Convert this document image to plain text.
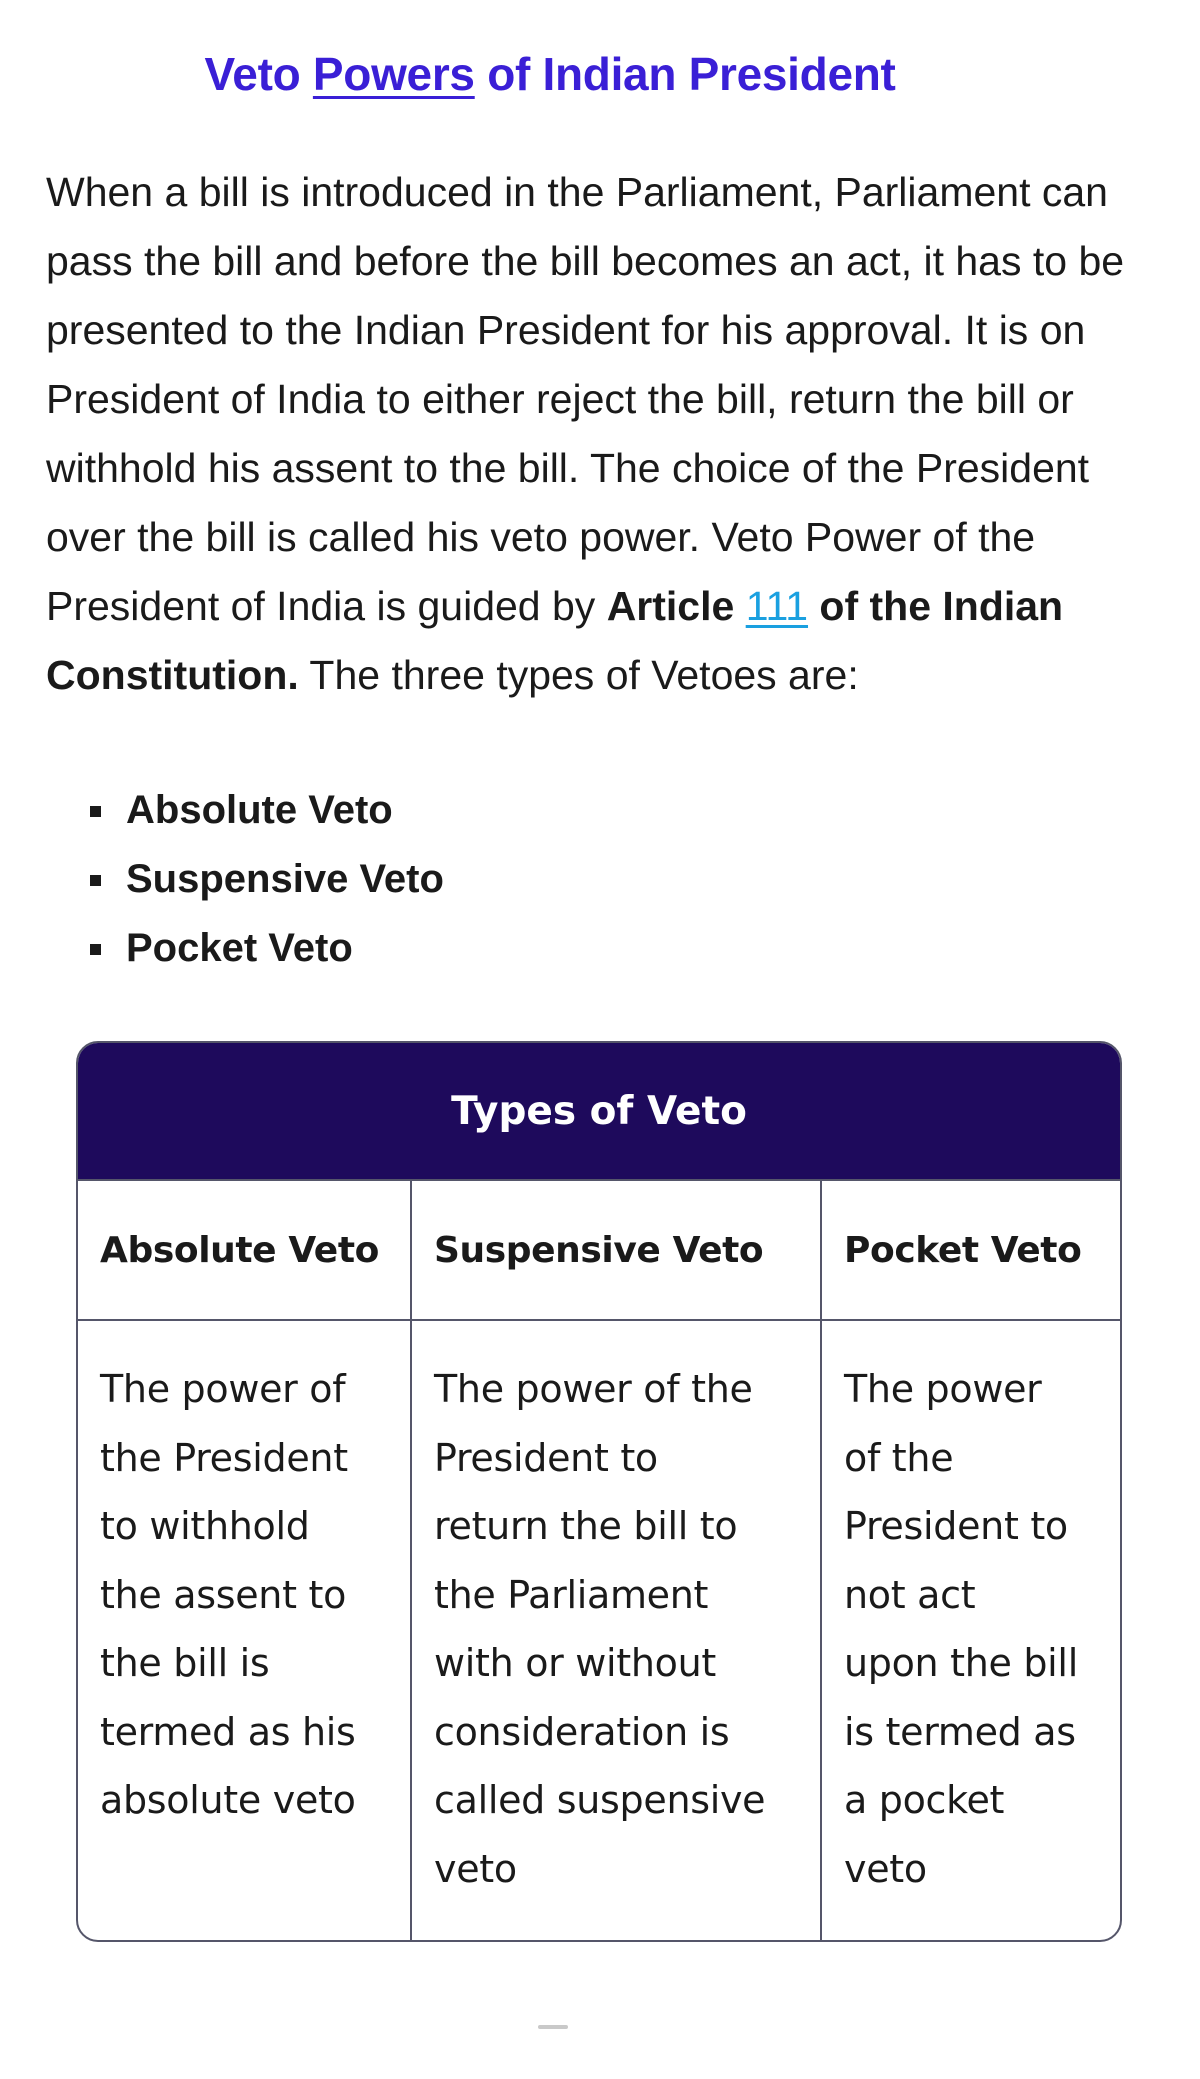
Veto Powers of Indian President

When a bill is introduced in the Parliament, Parliament can
pass the bill and before the bill becomes an act, it has to be
presented to the Indian President for his approval. It is on
President of India to either reject the bill, return the bill or
withhold his assent to the bill. The choice of the President
over the bill is called his veto power. Veto Power of the
President of India is guided by Article 111 of the Indian
Constitution. The three types of Vetoes are:

Absolute Veto
Suspensive Veto
Pocket Veto
Types of Veto
Absolute Veto	Suspensive Veto	Pocket Veto
The power of
the President
to withhold
the assent to
the bill is
termed as his
absolute veto
The power of the
President to
return the bill to
the Parliament
with or without
consideration is
called suspensive
veto
The power
of the
President to
not act
upon the bill
is termed as
a pocket
veto
